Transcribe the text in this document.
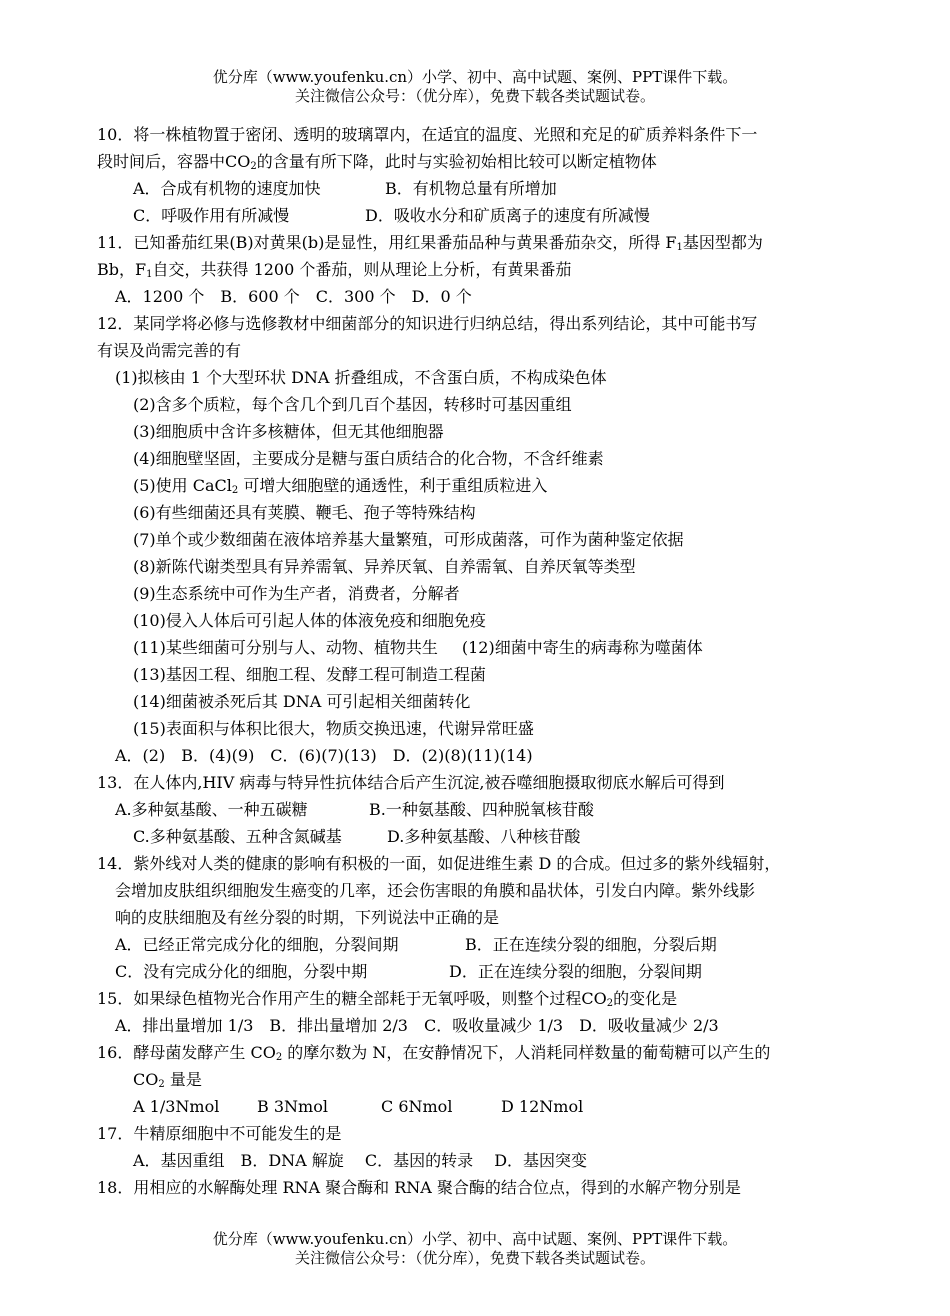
优分库（www.youfenku.cn）小学、初中、高中试题、案例、PPT课件下载。
关注微信公众号：（优分库），免费下载各类试题试卷。
10．将一株植物置于密闭、透明的玻璃罩内，在适宜的温度、光照和充足的矿质养料条件下一
段时间后，容器中$CO_2$的含量有所下降，此时与实验初始相比较可以断定植物体
A．合成有机物的速度加快	B．有机物总量有所增加
C．呼吸作用有所减慢	D．吸收水分和矿质离子的速度有所减慢
11．已知番茄红果(B)对黄果(b)是显性，用红果番茄品种与黄果番茄杂交，所得 $F_1$基因型都为
Bb，$F_1$自交，共获得 1200 个番茄，则从理论上分析，有黄果番茄
A．1200 个　B．600 个　C．300 个　D．0 个
12．某同学将必修与选修教材中细菌部分的知识进行归纳总结，得出系列结论，其中可能书写
有误及尚需完善的有
(1)拟核由 1 个大型环状 DNA 折叠组成，不含蛋白质，不构成染色体
(2)含多个质粒，每个含几个到几百个基因，转移时可基因重组
(3)细胞质中含许多核糖体，但无其他细胞器
(4)细胞壁坚固，主要成分是糖与蛋白质结合的化合物，不含纤维素
(5)使用 CaCl$_2$ 可增大细胞壁的通透性，利于重组质粒进入
(6)有些细菌还具有荚膜、鞭毛、孢子等特殊结构
(7)单个或少数细菌在液体培养基大量繁殖，可形成菌落，可作为菌种鉴定依据
(8)新陈代谢类型具有异养需氧、异养厌氧、自养需氧、自养厌氧等类型
(9)生态系统中可作为生产者，消费者，分解者
(10)侵入人体后可引起人体的体液免疫和细胞免疫
(11)某些细菌可分别与人、动物、植物共生 (12)细菌中寄生的病毒称为噬菌体
(13)基因工程、细胞工程、发酵工程可制造工程菌
(14)细菌被杀死后其 DNA 可引起相关细菌转化
(15)表面积与体积比很大，物质交换迅速，代谢异常旺盛
A．(2)　B．(4)(9)　C．(6)(7)(13)　D．(2)(8)(11)(14)
13．在人体内,HIV 病毒与特异性抗体结合后产生沉淀,被吞噬细胞摄取彻底水解后可得到
A.多种氨基酸、一种五碳糖	B.一种氨基酸、四种脱氧核苷酸
C.多种氨基酸、五种含氮碱基	D.多种氨基酸、八种核苷酸
14．紫外线对人类的健康的影响有积极的一面，如促进维生素 D 的合成。但过多的紫外线辐射，
会增加皮肤组织细胞发生癌变的几率，还会伤害眼的角膜和晶状体，引发白内障。紫外线影
响的皮肤细胞及有丝分裂的时期，下列说法中正确的是
A．已经正常完成分化的细胞，分裂间期	B．正在连续分裂的细胞，分裂后期
C．没有完成分化的细胞，分裂中期	D．正在连续分裂的细胞，分裂间期
15．如果绿色植物光合作用产生的糖全部耗于无氧呼吸，则整个过程$CO_2$的变化是
A．排出量增加 1/3　B．排出量增加 2/3　C．吸收量减少 1/3　D．吸收量减少 2/3
16．酵母菌发酵产生 $CO_2$ 的摩尔数为 N，在安静情况下，人消耗同样数量的葡萄糖可以产生的
$CO_2$ 量是
A 1/3Nmol B 3Nmol	C 6Nmol	D 12Nmol
17．牛精原细胞中不可能发生的是
A．基因重组　B．DNA 解旋　 C．基因的转录　 D．基因突变
18．用相应的水解酶处理 RNA 聚合酶和 RNA 聚合酶的结合位点，得到的水解产物分别是
优分库（www.youfenku.cn）小学、初中、高中试题、案例、PPT课件下载。
关注微信公众号：（优分库），免费下载各类试题试卷。
